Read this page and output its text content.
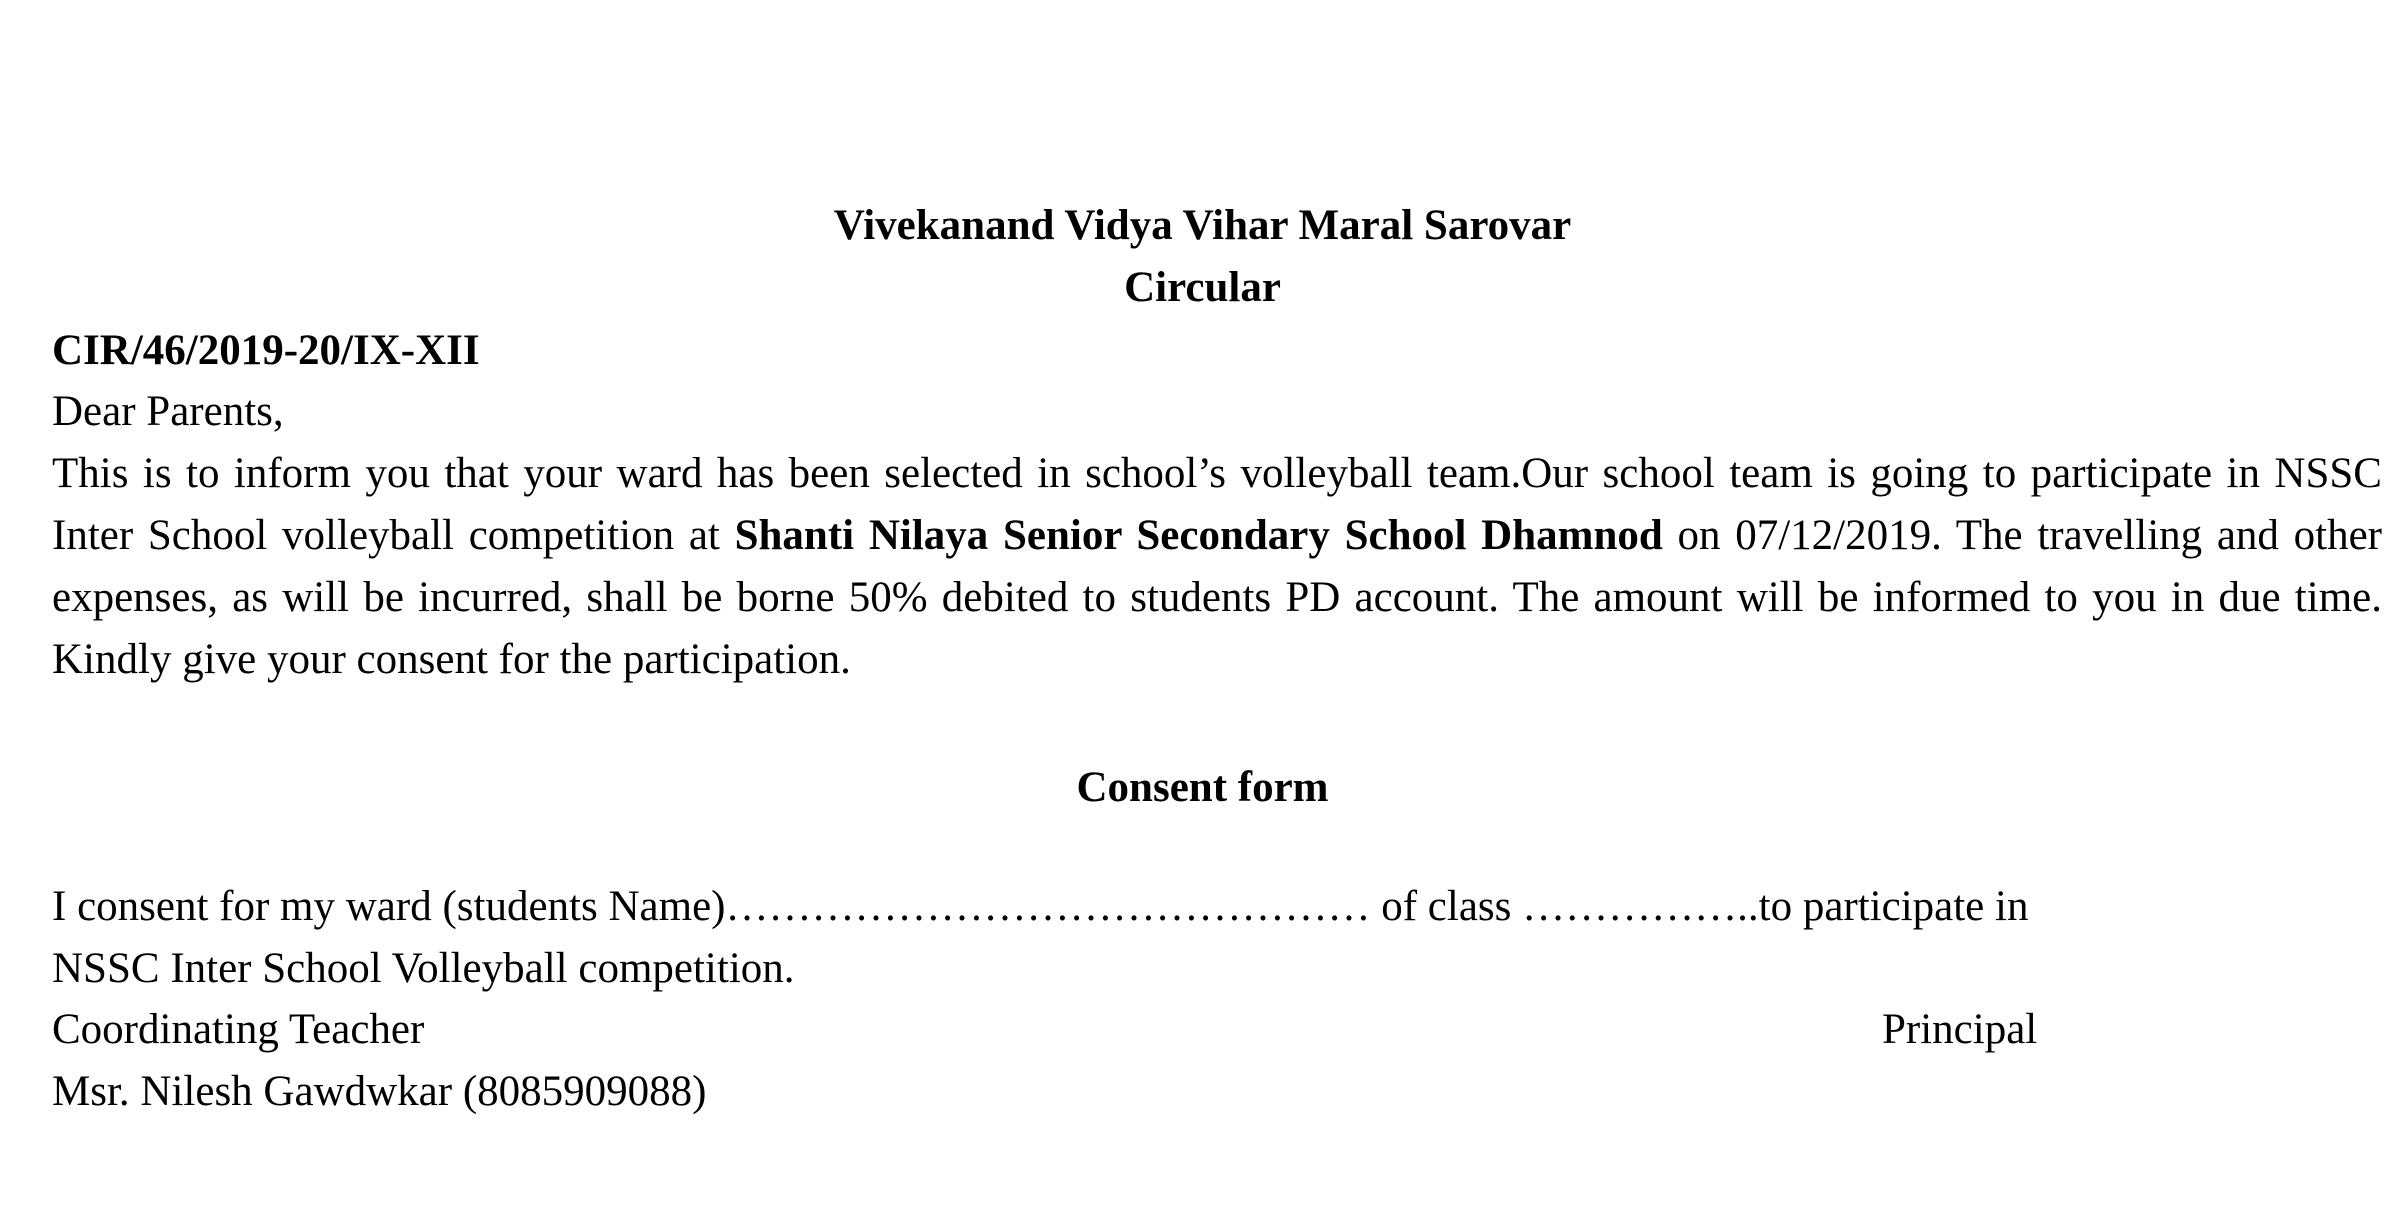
Vivekanand Vidya Vihar Maral Sarovar
Circular
CIR/46/2019-20/IX-XII
Dear Parents,
This is to inform you that your ward has been selected in school’s volleyball team.Our school team is going to participate in NSSC Inter School volleyball competition at Shanti Nilaya Senior Secondary School Dhamnod on 07/12/2019. The travelling and other expenses, as will be incurred, shall be borne 50% debited to students PD account. The amount will be informed to you in due time. Kindly give your consent for the participation.
Consent form
I consent for my ward (students Name)……………………………………… of class ……………..to participate in
NSSC Inter School Volleyball competition.
Coordinating Teacher	Principal
Msr. Nilesh Gawdwkar (8085909088)
